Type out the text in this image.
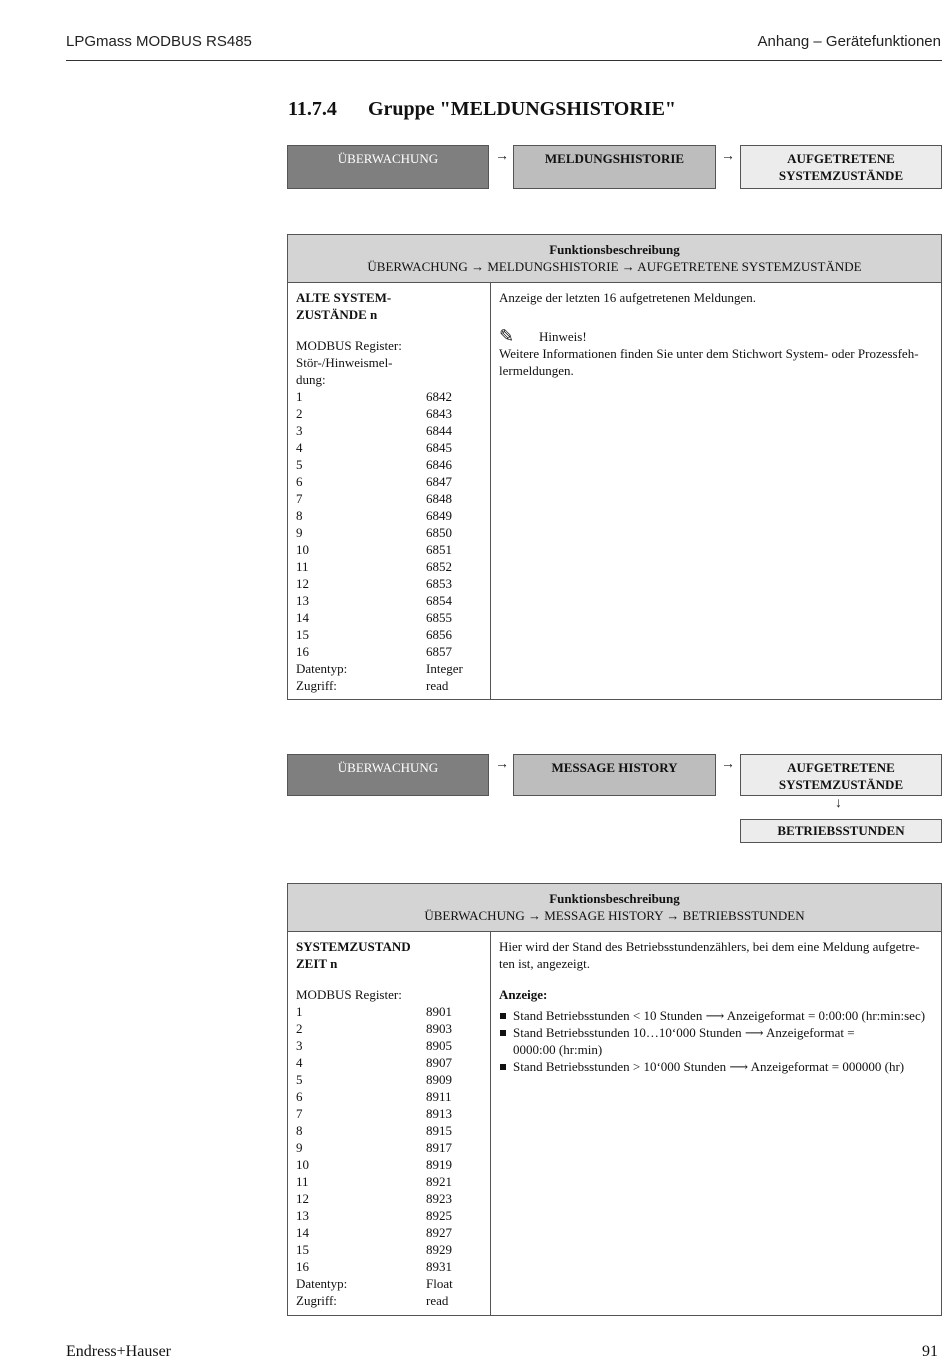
LPGmass MODBUS RS485	Anhang – Gerätefunktionen
11.7.4 Gruppe "MELDUNGSHISTORIE"
ÜBERWACHUNG	→	MELDUNGSHISTORIE	→	AUFGETRETENE
SYSTEMZUSTÄNDE
Funktionsbeschreibung
ÜBERWACHUNG → MELDUNGSHISTORIE → AUFGETRETENE SYSTEMZUSTÄNDE
ALTE SYSTEM-
ZUSTÄNDE n
MODBUS Register:
Stör-/Hinweismel-
dung:
1	6842
2	6843
3	6844
4	6845
5	6846
6	6847
7	6848
8	6849
9	6850
10	6851
11	6852
12	6853
13	6854
14	6855
15	6856
16	6857
Datentyp:	Integer
Zugriff:	read
Anzeige der letzten 16 aufgetretenen Meldungen.
✎	Hinweis!
Weitere Informationen finden Sie unter dem Stichwort System- oder Prozessfeh-
lermeldungen.
ÜBERWACHUNG	→	MESSAGE HISTORY	→	AUFGETRETENE
SYSTEMZUSTÄNDE
↓
BETRIEBSSTUNDEN
Funktionsbeschreibung
ÜBERWACHUNG → MESSAGE HISTORY → BETRIEBSSTUNDEN
SYSTEMZUSTAND
ZEIT n
MODBUS Register:
1	8901
2	8903
3	8905
4	8907
5	8909
6	8911
7	8913
8	8915
9	8917
10	8919
11	8921
12	8923
13	8925
14	8927
15	8929
16	8931
Datentyp:	Float
Zugriff:	read
Hier wird der Stand des Betriebsstundenzählers, bei dem eine Meldung aufgetre-
ten ist, angezeigt.
Anzeige:
Stand Betriebsstunden < 10 Stunden ⟶ Anzeigeformat = 0:00:00 (hr:min:sec)
Stand Betriebsstunden 10…10‘000 Stunden ⟶ Anzeigeformat =
0000:00 (hr:min)
Stand Betriebsstunden > 10‘000 Stunden ⟶ Anzeigeformat = 000000 (hr)
Endress+Hauser	91
